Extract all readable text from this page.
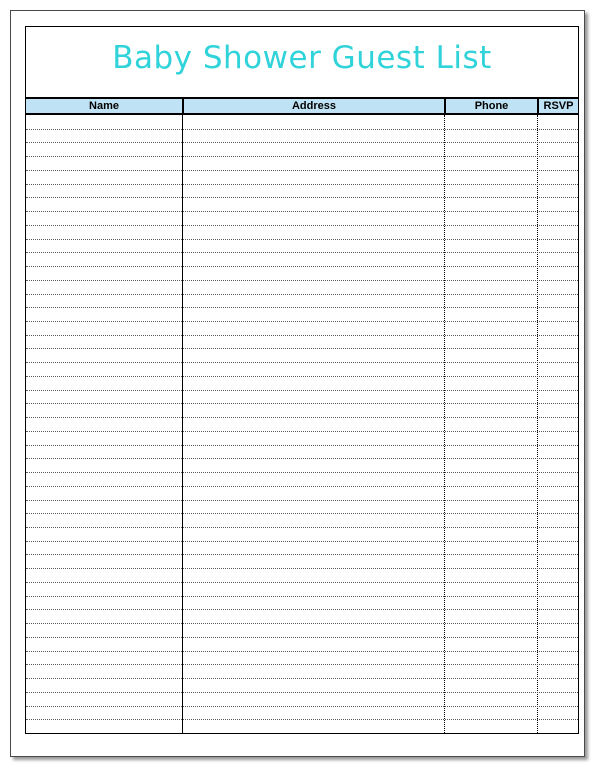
Baby Shower Guest List
Name	Address	Phone	RSVP
